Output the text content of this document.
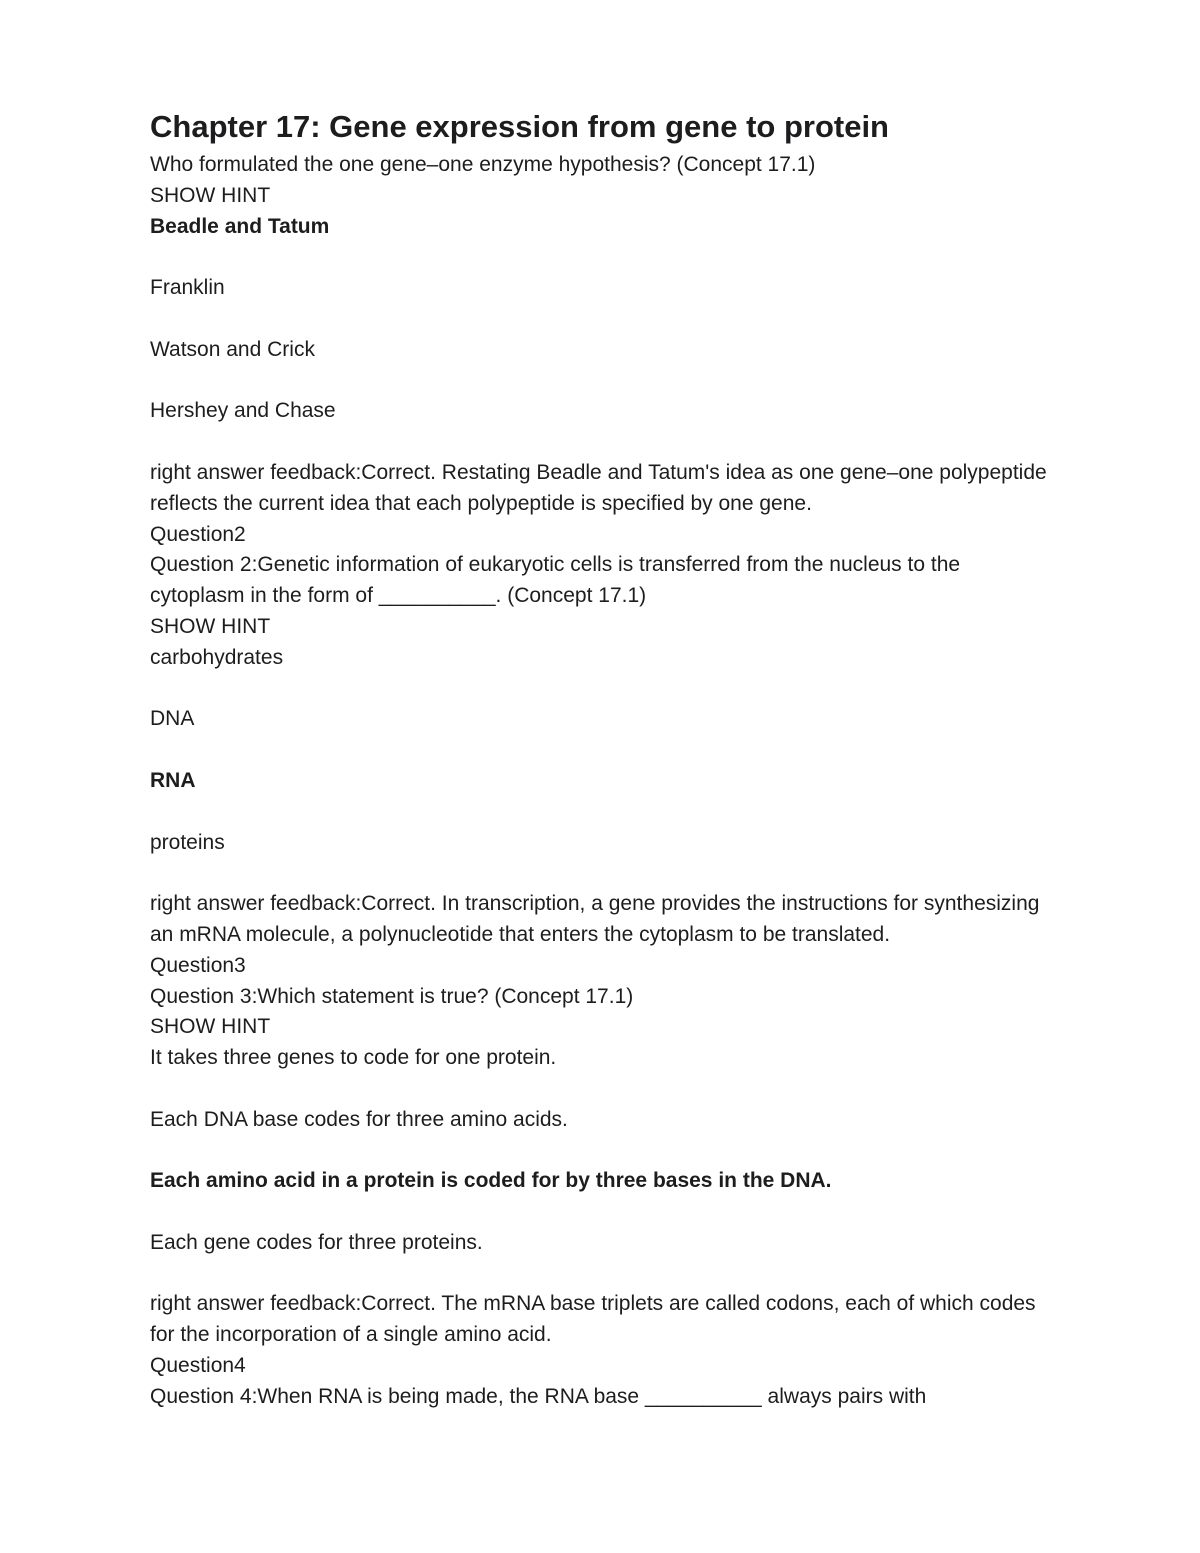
Chapter 17: Gene expression from gene to protein

Who formulated the one gene–one enzyme hypothesis? (Concept 17.1)

SHOW HINT

Beadle and Tatum

Franklin

Watson and Crick

Hershey and Chase

right answer feedback:Correct. Restating Beadle and Tatum's idea as one gene–one polypeptide reflects the current idea that each polypeptide is specified by one gene.

Question2

Question 2:Genetic information of eukaryotic cells is transferred from the nucleus to the cytoplasm in the form of __________. (Concept 17.1)

SHOW HINT

carbohydrates

DNA

RNA

proteins

right answer feedback:Correct. In transcription, a gene provides the instructions for synthesizing an mRNA molecule, a polynucleotide that enters the cytoplasm to be translated.

Question3

Question 3:Which statement is true? (Concept 17.1)

SHOW HINT

It takes three genes to code for one protein.

Each DNA base codes for three amino acids.

Each amino acid in a protein is coded for by three bases in the DNA.

Each gene codes for three proteins.

right answer feedback:Correct. The mRNA base triplets are called codons, each of which codes for the incorporation of a single amino acid.

Question4

Question 4:When RNA is being made, the RNA base __________ always pairs with
